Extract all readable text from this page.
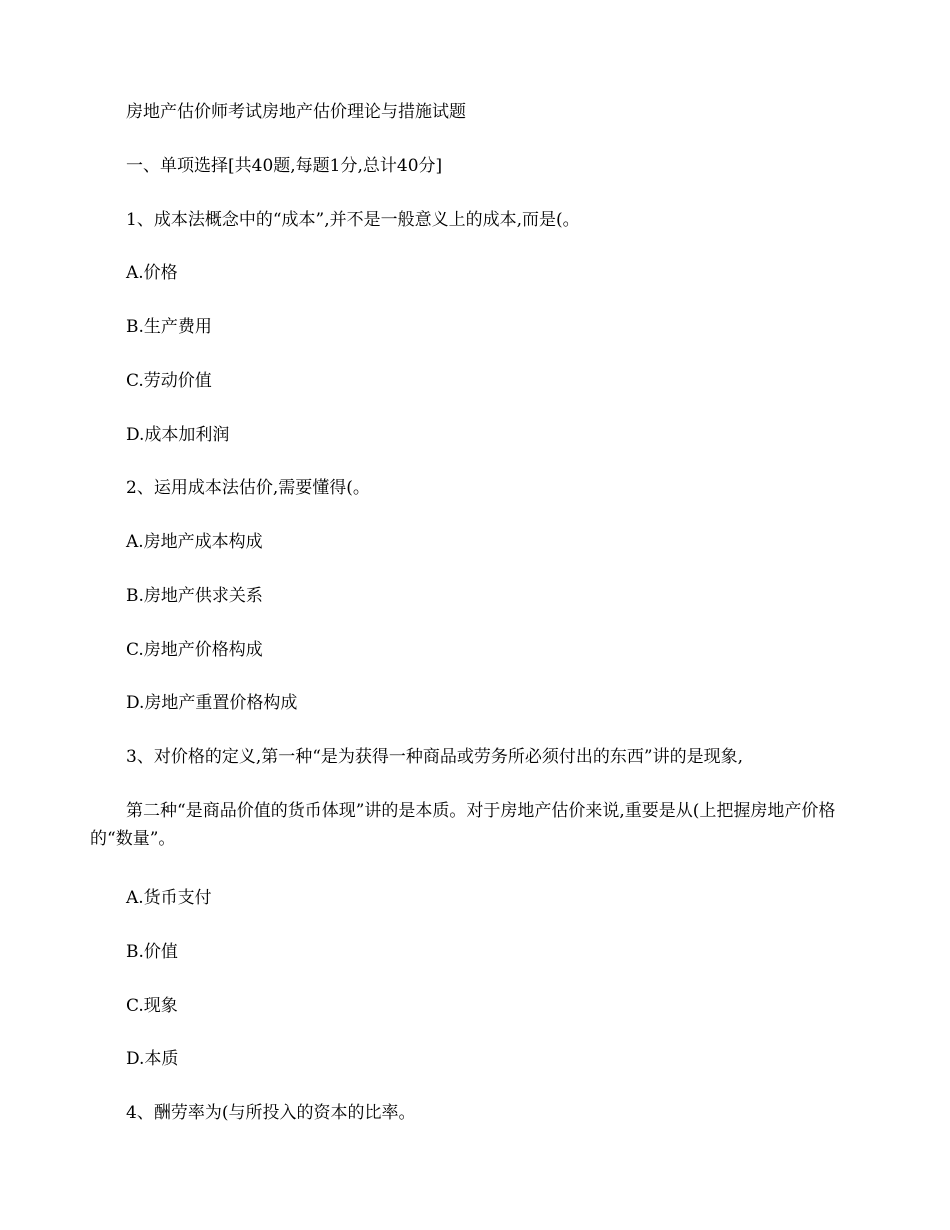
房地产估价师考试房地产估价理论与措施试题
一、单项选择[共40题,每题1分,总计40分]
1、成本法概念中的“成本”,并不是一般意义上的成本,而是(。
A.价格
B.生产费用
C.劳动价值
D.成本加利润
2、运用成本法估价,需要懂得(。
A.房地产成本构成
B.房地产供求关系
C.房地产价格构成
D.房地产重置价格构成
3、对价格的定义,第一种“是为获得一种商品或劳务所必须付出的东西”讲的是现象,
第二种“是商品价值的货币体现”讲的是本质。对于房地产估价来说,重要是从(上把握房地产价格的“数量”。
A.货币支付
B.价值
C.现象
D.本质
4、酬劳率为(与所投入的资本的比率。
